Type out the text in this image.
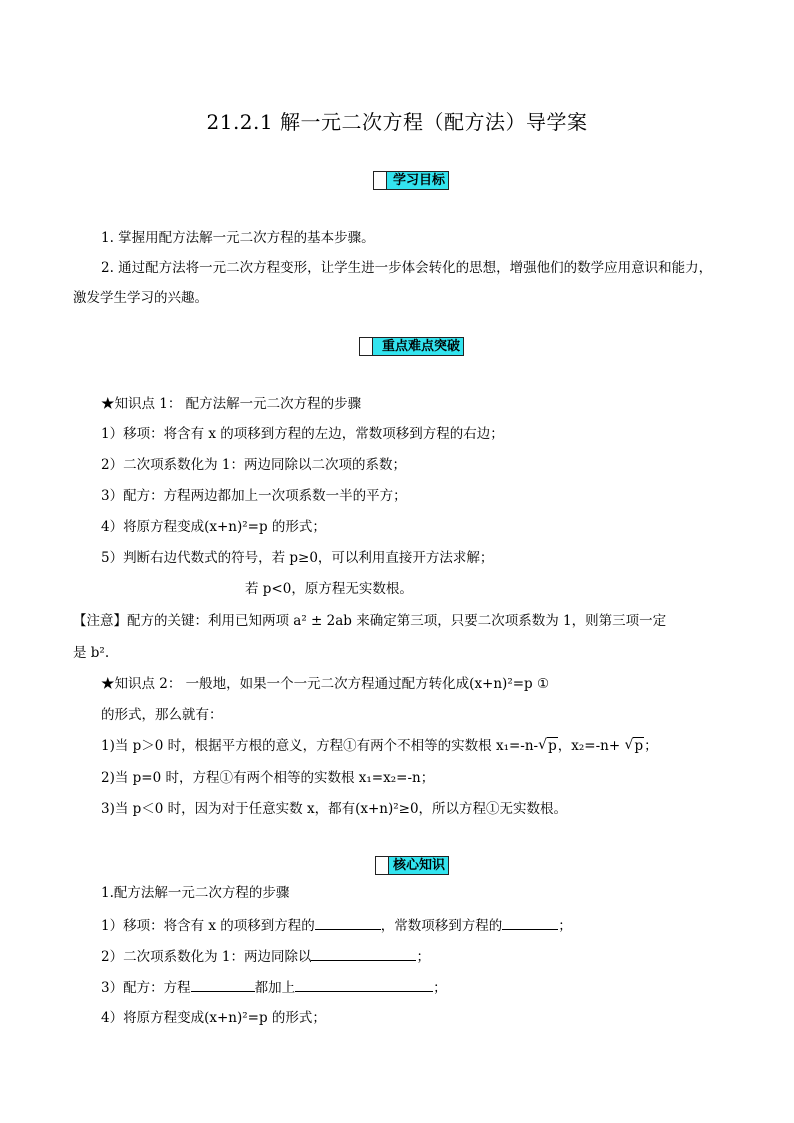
21.2.1 解一元二次方程（配方法）导学案
学习目标
1. 掌握用配方法解一元二次方程的基本步骤。
2. 通过配方法将一元二次方程变形，让学生进一步体会转化的思想，增强他们的数学应用意识和能力，
激发学生学习的兴趣。
重点难点突破
★知识点 1： 配方法解一元二次方程的步骤
1）移项：将含有 x 的项移到方程的左边，常数项移到方程的右边；
2）二次项系数化为 1：两边同除以二次项的系数；
3）配方：方程两边都加上一次项系数一半的平方；
4）将原方程变成(x+n)²=p 的形式；
5）判断右边代数式的符号，若 p≥0，可以利用直接开方法求解；
若 p<0，原方程无实数根。
【注意】配方的关键：利用已知两项 a² ± 2ab 来确定第三项，只要二次项系数为 1，则第三项一定
是 b².
★知识点 2： 一般地，如果一个一元二次方程通过配方转化成(x+n)²=p ①
的形式，那么就有：
1)当 p＞0 时，根据平方根的意义，方程①有两个不相等的实数根 x₁=-n-√ p，x₂=-n+ √ p；
2)当 p=0 时，方程①有两个相等的实数根 x₁=x₂=-n；
3)当 p＜0 时，因为对于任意实数 x，都有(x+n)²≥0，所以方程①无实数根。
核心知识
1.配方法解一元二次方程的步骤
1）移项：将含有 x 的项移到方程的	，常数项移到方程的	；
2）二次项系数化为 1：两边同除以	；
3）配方：方程	都加上	；
4）将原方程变成(x+n)²=p 的形式；
